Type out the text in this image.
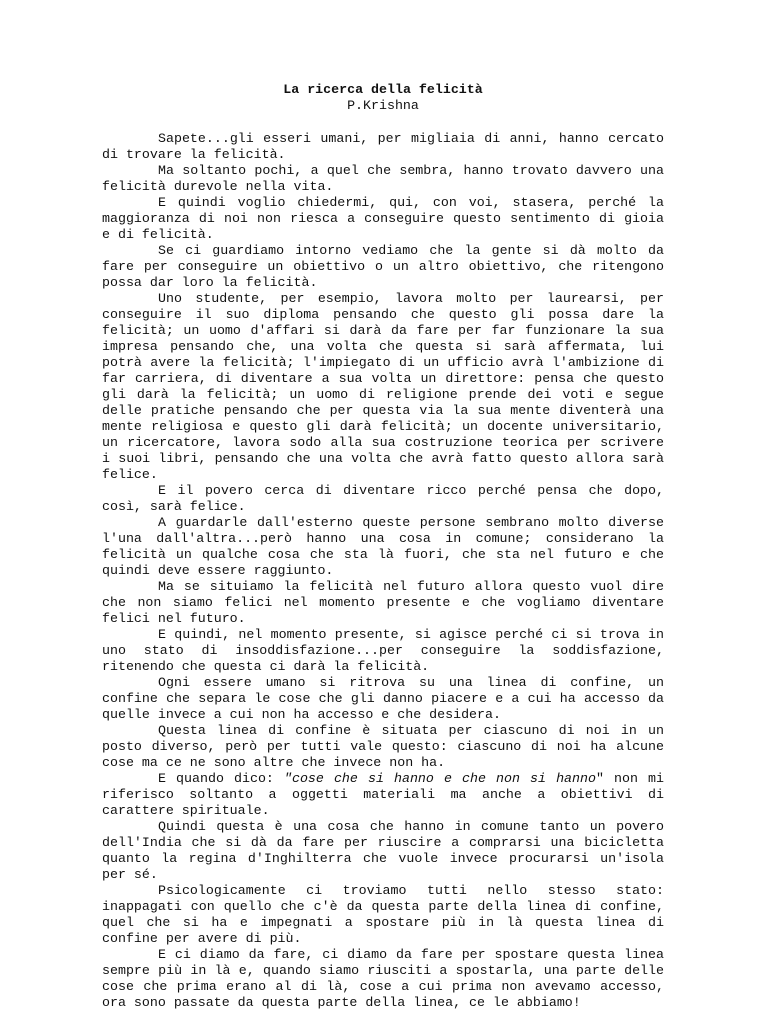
La ricerca della felicità

P.Krishna

Sapete...gli esseri umani, per migliaia di anni, hanno cercato di trovare la felicità.

Ma soltanto pochi, a quel che sembra, hanno trovato davvero una felicità durevole nella vita.

E quindi voglio chiedermi, qui, con voi, stasera, perché la maggioranza di noi non riesca a conseguire questo sentimento di gioia e di felicità.

Se ci guardiamo intorno vediamo che la gente si dà molto da fare per conseguire un obiettivo o un altro obiettivo, che ritengono possa dar loro la felicità.

Uno studente, per esempio, lavora molto per laurearsi, per conseguire il suo diploma pensando che questo gli possa dare la felicità; un uomo d'affari si darà da fare per far funzionare la sua impresa pensando che, una volta che questa si sarà affermata, lui potrà avere la felicità; l'impiegato di un ufficio avrà l'ambizione di far carriera, di diventare a sua volta un direttore: pensa che questo gli darà la felicità; un uomo di religione prende dei voti e segue delle pratiche pensando che per questa via la sua mente diventerà una mente religiosa e questo gli darà felicità; un docente universitario, un ricercatore, lavora sodo alla sua costruzione teorica per scrivere i suoi libri, pensando che una volta che avrà fatto questo allora sarà felice.

E il povero cerca di diventare ricco perché pensa che dopo, così, sarà felice.

A guardarle dall'esterno queste persone sembrano molto diverse l'una dall'altra...però hanno una cosa in comune; considerano la felicità un qualche cosa che sta là fuori, che sta nel futuro e che quindi deve essere raggiunto.

Ma se situiamo la felicità nel futuro allora questo vuol dire che non siamo felici nel momento presente e che vogliamo diventare felici nel futuro.

E quindi, nel momento presente, si agisce perché ci si trova in uno stato di insoddisfazione...per conseguire la soddisfazione, ritenendo che questa ci darà la felicità.

Ogni essere umano si ritrova su una linea di confine, un confine che separa le cose che gli danno piacere e a cui ha accesso da quelle invece a cui non ha accesso e che desidera.

Questa linea di confine è situata per ciascuno di noi in un posto diverso, però per tutti vale questo: ciascuno di noi ha alcune cose ma ce ne sono altre che invece non ha.

E quando dico: "cose che si hanno e che non si hanno" non mi riferisco soltanto a oggetti materiali ma anche a obiettivi di carattere spirituale.

Quindi questa è una cosa che hanno in comune tanto un povero dell'India che si dà da fare per riuscire a comprarsi una bicicletta quanto la regina d'Inghilterra che vuole invece procurarsi un'isola per sé.

Psicologicamente ci troviamo tutti nello stesso stato: inappagati con quello che c'è da questa parte della linea di confine, quel che si ha e impegnati a spostare più in là questa linea di confine per avere di più.

E ci diamo da fare, ci diamo da fare per spostare questa linea sempre più in là e, quando siamo riusciti a spostarla, una parte delle cose che prima erano al di là, cose a cui prima non avevamo accesso, ora sono passate da questa parte della linea, ce le abbiamo!
